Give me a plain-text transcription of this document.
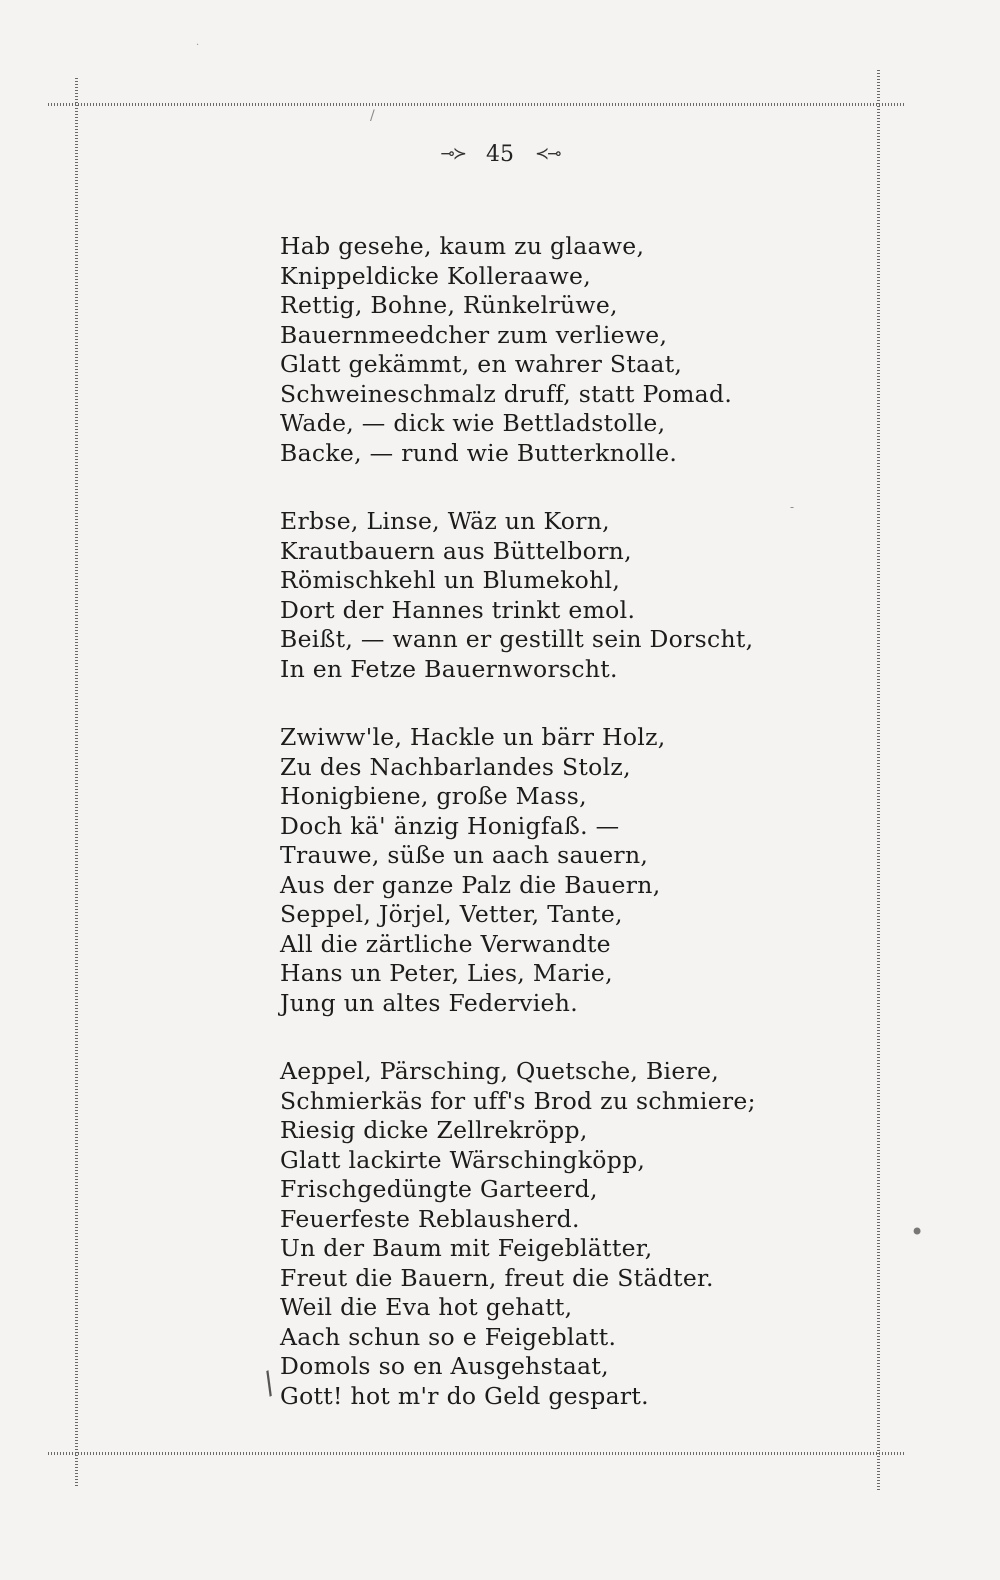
⊸≻ 45 ≺⊸
Hab gesehe, kaum zu glaawe,
Knippeldicke Kolleraawe,
Rettig, Bohne, Rünkelrüwe,
Bauernmeedcher zum verliewe,
Glatt gekämmt, en wahrer Staat,
Schweineschmalz druff, statt Pomad.
Wade, — dick wie Bettladstolle,
Backe, — rund wie Butterknolle.
Erbse, Linse, Wäz un Korn,
Krautbauern aus Büttelborn,
Römischkehl un Blumekohl,
Dort der Hannes trinkt emol.
Beißt, — wann er gestillt sein Dorscht,
In en Fetze Bauernworscht.
Zwiww'le, Hackle un bärr Holz,
Zu des Nachbarlandes Stolz,
Honigbiene, große Mass,
Doch kä' änzig Honigfaß. —
Trauwe, süße un aach sauern,
Aus der ganze Palz die Bauern,
Seppel, Jörjel, Vetter, Tante,
All die zärtliche Verwandte
Hans un Peter, Lies, Marie,
Jung un altes Federvieh.
Aeppel, Pärsching, Quetsche, Biere,
Schmierkäs for uff's Brod zu schmiere;
Riesig dicke Zellrekröpp,
Glatt lackirte Wärschingköpp,
Frischgedüngte Garteerd,
Feuerfeste Reblausherd.
Un der Baum mit Feigeblätter,
Freut die Bauern, freut die Städter.
Weil die Eva hot gehatt,
Aach schun so e Feigeblatt.
Domols so en Ausgehstaat,
Gott! hot m'r do Geld gespart.
/
/
·
-
•
